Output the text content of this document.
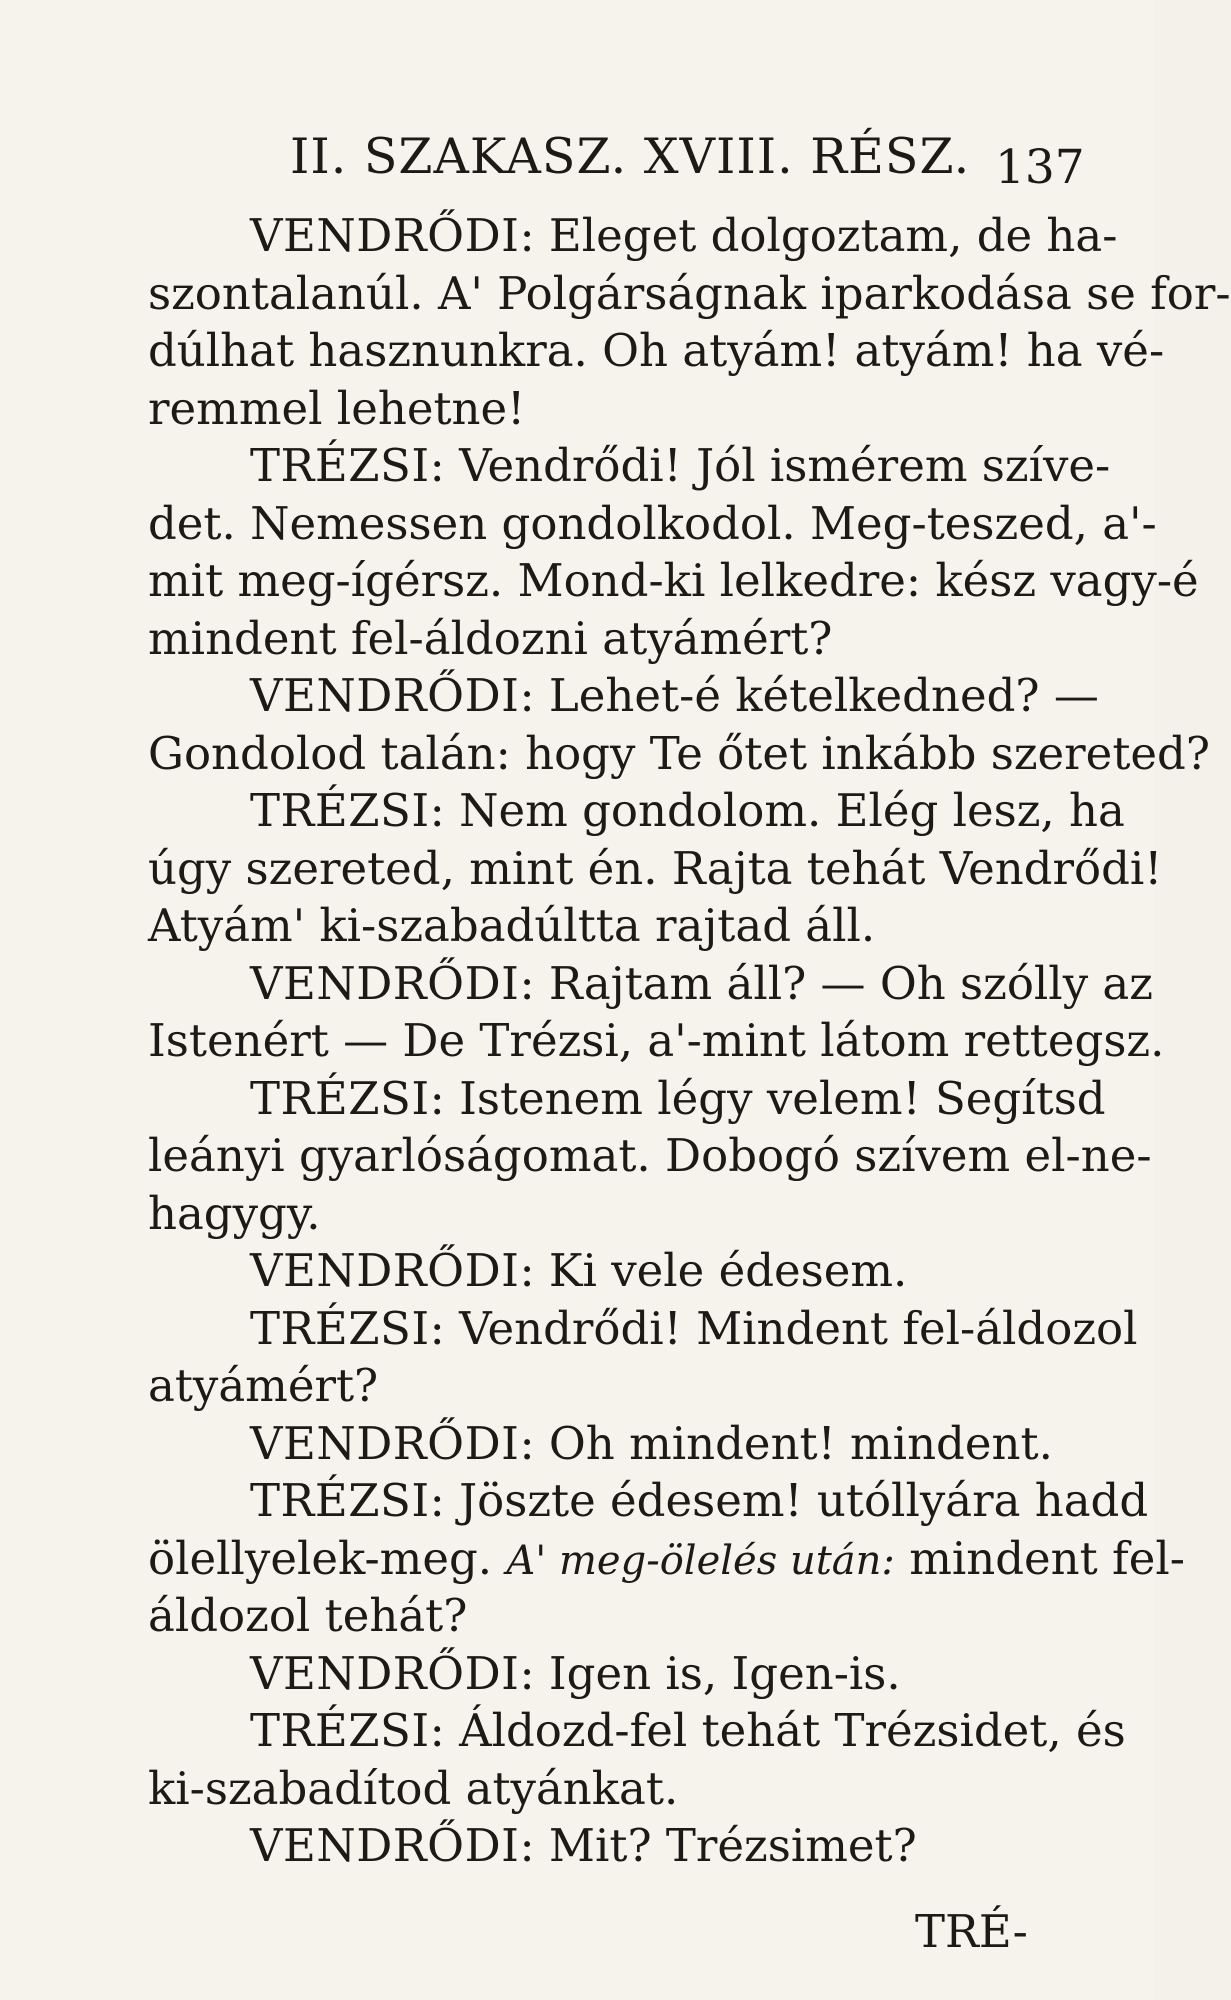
II. SZAKASZ. XVIII. RÉSZ. 137
VENDRŐDI: Eleget dolgoztam, de ha-
szontalanúl. A' Polgárságnak iparkodása se for-
dúlhat hasznunkra. Oh atyám! atyám! ha vé-
remmel lehetne!
TRÉZSI: Vendrődi! Jól ismérem szíve-
det. Nemessen gondolkodol. Meg-teszed, a'-
mit meg-ígérsz. Mond-ki lelkedre: kész vagy-é
mindent fel-áldozni atyámért?
VENDRŐDI: Lehet-é kételkedned? —
Gondolod talán: hogy Te őtet inkább szereted?
TRÉZSI: Nem gondolom. Elég lesz, ha
úgy szereted, mint én. Rajta tehát Vendrődi!
Atyám' ki-szabadúltta rajtad áll.
VENDRŐDI: Rajtam áll? — Oh szólly az
Istenért — De Trézsi, a'-mint látom rettegsz.
TRÉZSI: Istenem légy velem! Segítsd
leányi gyarlóságomat. Dobogó szívem el-ne-
hagygy.
VENDRŐDI: Ki vele édesem.
TRÉZSI: Vendrődi! Mindent fel-áldozol
atyámért?
VENDRŐDI: Oh mindent! mindent.
TRÉZSI: Jöszte édesem! utóllyára hadd
ölellyelek-meg. A' meg-ölelés után: mindent fel-
áldozol tehát?
VENDRŐDI: Igen is, Igen-is.
TRÉZSI: Áldozd-fel tehát Trézsidet, és
ki-szabadítod atyánkat.
VENDRŐDI: Mit? Trézsimet?
TRÉ-
